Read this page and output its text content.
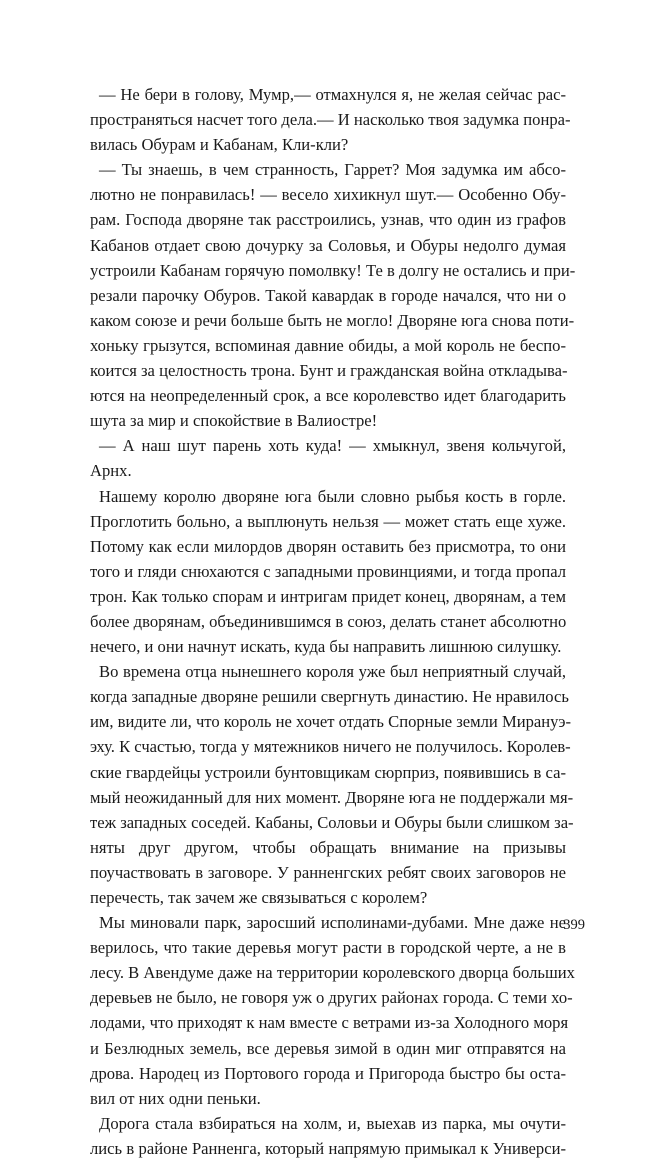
— Не бери в голову, Мумр,— отмахнулся я, не желая сейчас рас-
пространяться насчет того дела.— И насколько твоя задумка понра-
вилась Обурам и Кабанам, Кли-кли?
— Ты знаешь, в чем странность, Гаррет? Моя задумка им абсо-
лютно не понравилась! — весело хихикнул шут.— Особенно Обу-
рам. Господа дворяне так расстроились, узнав, что один из графов
Кабанов отдает свою дочурку за Соловья, и Обуры недолго думая
устроили Кабанам горячую помолвку! Те в долгу не остались и при-
резали парочку Обуров. Такой кавардак в городе начался, что ни о
каком союзе и речи больше быть не могло! Дворяне юга снова поти-
хоньку грызутся, вспоминая давние обиды, а мой король не беспо-
коится за целостность трона. Бунт и гражданская война откладыва-
ются на неопределенный срок, а все королевство идет благодарить
шута за мир и спокойствие в Валиостре!
— А наш шут парень хоть куда! — хмыкнул, звеня кольчугой,
Арнх.
Нашему королю дворяне юга были словно рыбья кость в горле.
Проглотить больно, а выплюнуть нельзя — может стать еще хуже.
Потому как если милордов дворян оставить без присмотра, то они
того и гляди снюхаются с западными провинциями, и тогда пропал
трон. Как только спорам и интригам придет конец, дворянам, а тем
более дворянам, объединившимся в союз, делать станет абсолютно
нечего, и они начнут искать, куда бы направить лишнюю силушку.
Во времена отца нынешнего короля уже был неприятный случай,
когда западные дворяне решили свергнуть династию. Не нравилось
им, видите ли, что король не хочет отдать Спорные земли Мирануэ-
эху. К счастью, тогда у мятежников ничего не получилось. Королев-
ские гвардейцы устроили бунтовщикам сюрприз, появившись в са-
мый неожиданный для них момент. Дворяне юга не поддержали мя-
теж западных соседей. Кабаны, Соловьи и Обуры были слишком за-
няты друг другом, чтобы обращать внимание на призывы
поучаствовать в заговоре. У ранненгских ребят своих заговоров не
перечесть, так зачем же связываться с королем?
Мы миновали парк, заросший исполинами-дубами. Мне даже не
верилось, что такие деревья могут расти в городской черте, а не в
лесу. В Авендуме даже на территории королевского дворца больших
деревьев не было, не говоря уж о других районах города. С теми хо-
лодами, что приходят к нам вместе с ветрами из-за Холодного моря
и Безлюдных земель, все деревья зимой в один миг отправятся на
дрова. Народец из Портового города и Пригорода быстро бы оста-
вил от них одни пеньки.
Дорога стала взбираться на холм, и, выехав из парка, мы очути-
лись в районе Ранненга, который напрямую примыкал к Универси-
399
